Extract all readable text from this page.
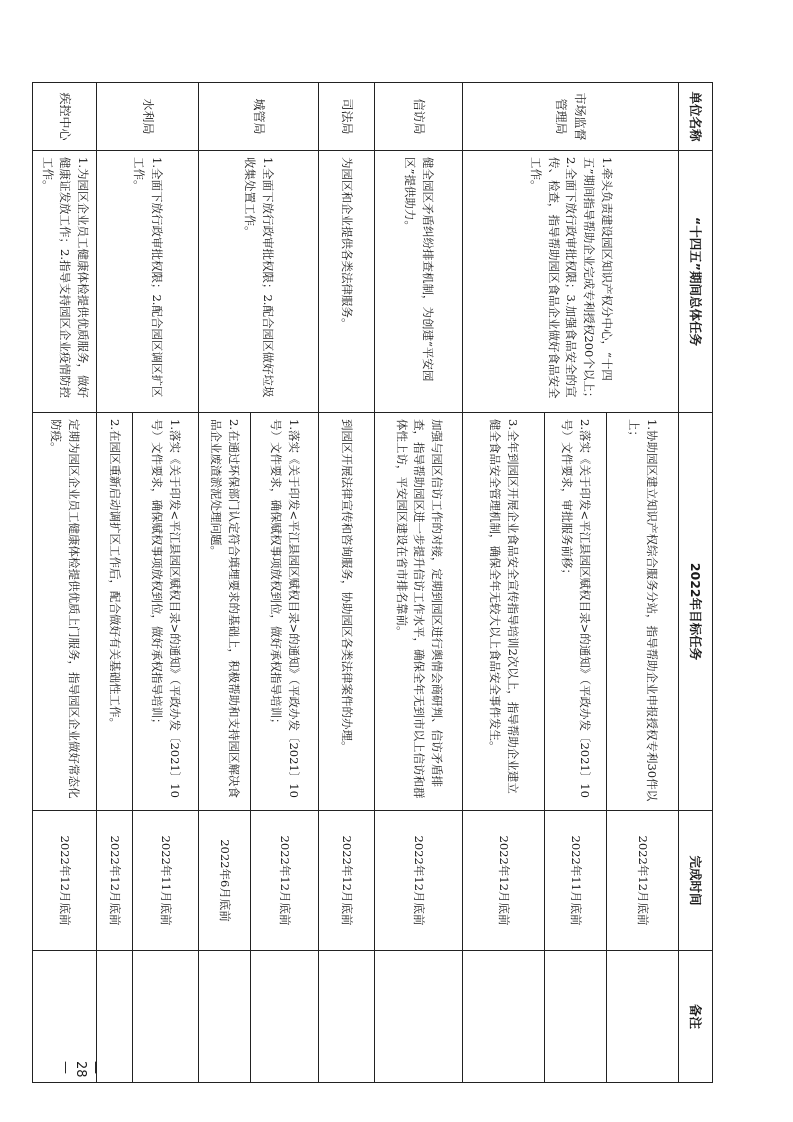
— 28 —
单位名称	“十四五”期间总体任务	2022年目标任务	完成时间	备注
市场监督管理局	1.牵头负责建设园区知识产权分中心，“十四五”期间指导帮助企业完成专利授权200个以上；2.全面下放行政审批权限；3.加强食品安全的宣传、检查，指导帮助园区食品企业做好食品安全工作。	1.协助园区建立知识产权综合服务分站，指导帮助企业申报授权专利30件以上；	2022年12月底前	
		2.落实《关于印发<平江县园区赋权目录>的通知》（平政办发〔2021〕10号）文件要求，审批服务前移；	2022年11月底前	
		3.全年到园区开展企业食品安全宣传指导培训2次以上，指导帮助企业建立健全食品安全管理机制，确保全年无较大以上食品安全事件发生。	2022年12月底前	
信访局	健全园区矛盾纠纷排查机制，为创建“平安园区”提供助力。	加强与园区信访工作的对接，定期到园区进行舆情会商研判、信访矛盾排查，指导帮助园区进一步提升信访工作水平，确保全年无到市以上信访和群体性上访，平安园区建设在省市排名靠前。	2022年12月底前	
司法局	为园区和企业提供各类法律服务。	到园区开展法律宣传和咨询服务，协助园区各类法律案件的办理。	2022年12月底前	
城管局	1.全面下放行政审批权限；2.配合园区做好垃圾收集处置工作。	1.落实《关于印发<平江县园区赋权目录>的通知》（平政办发〔2021〕10号）文件要求，确保赋权事项放权到位，做好承权指导培训；	2022年12月底前	
		2.在通过环保部门认定符合填埋要求的基础上，积极帮助和支持园区解决食品企业废渣淤泥处理问题。	2022年6月底前	
水利局	1.全面下放行政审批权限；2.配合园区调区扩区工作。	1.落实《关于印发<平江县园区赋权目录>的通知》（平政办发〔2021〕10号）文件要求，确保赋权事项放权到位，做好承权指导培训；	2022年11月底前	
		2.在园区重新启动调扩区工作后，配合做好有关基础性工作。	2022年12月底前	
疾控中心	1.为园区企业员工健康体检提供优质服务，做好健康证发放工作；2.指导支持园区企业疫情防控工作。	定期为园区企业员工健康体检提供优质上门服务，指导园区企业做好常态化防疫。	2022年12月底前	
